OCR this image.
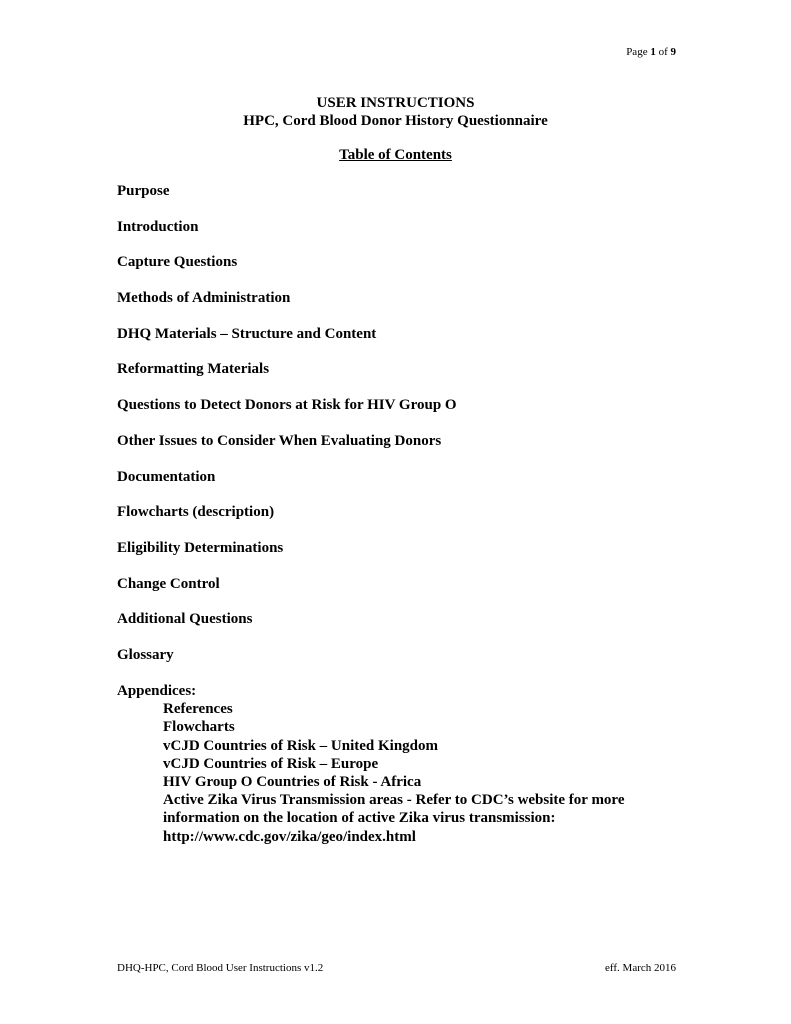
Page 1 of 9
USER INSTRUCTIONS
HPC, Cord Blood Donor History Questionnaire
Table of Contents
Purpose
Introduction
Capture Questions
Methods of Administration
DHQ Materials – Structure and Content
Reformatting Materials
Questions to Detect Donors at Risk for HIV Group O
Other Issues to Consider When Evaluating Donors
Documentation
Flowcharts (description)
Eligibility Determinations
Change Control
Additional Questions
Glossary
Appendices:
References
Flowcharts
vCJD Countries of Risk – United Kingdom
vCJD Countries of Risk – Europe
HIV Group O Countries of Risk - Africa
Active Zika Virus Transmission areas - Refer to CDC’s website for more information on the location of active Zika virus transmission: http://www.cdc.gov/zika/geo/index.html
DHQ-HPC, Cord Blood User Instructions v1.2	eff. March 2016
